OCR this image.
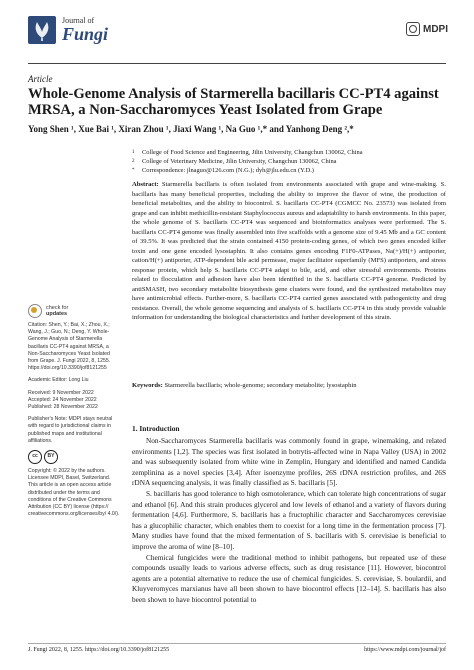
Journal of
Fungi	MDPI
Article
Whole-Genome Analysis of Starmerella bacillaris CC-PT4 against MRSA, a Non-Saccharomyces Yeast Isolated from Grape
Yong Shen ¹, Xue Bai ¹, Xiran Zhou ¹, Jiaxi Wang ¹, Na Guo ¹,* and Yanhong Deng ²,*
1	College of Food Science and Engineering, Jilin University, Changchun 130062, China
2	College of Veterinary Medicine, Jilin University, Changchun 130062, China
*	Correspondence: jlnaguo@126.com (N.G.); dyh@jlu.edu.cn (Y.D.)
Abstract: Starmerella bacillaris is often isolated from environments associated with grape and wine-making. S. bacillaris has many beneficial properties, including the ability to improve the flavor of wine, the production of beneficial metabolites, and the ability to biocontrol. S. bacillaris CC-PT4 (CGMCC No. 23573) was isolated from grape and can inhibit methicillin-resistant Staphylococcus aureus and adaptability to harsh environments. In this paper, the whole genome of S. bacillaris CC-PT4 was sequenced and bioinformatics analyses were performed. The S. bacillaris CC-PT4 genome was finally assembled into five scaffolds with a genome size of 9.45 Mb and a GC content of 39.5%. It was predicted that the strain contained 4150 protein-coding genes, of which two genes encoded killer toxin and one gene encoded lysostaphin. It also contains genes encoding F1F0-ATPases, Na(+)/H(+) antiporter, cation/H(+) antiporter, ATP-dependent bile acid permease, major facilitator superfamily (MFS) antiporters, and stress response protein, which help S. bacillaris CC-PT4 adapt to bile, acid, and other stressful environments. Proteins related to flocculation and adhesion have also been identified in the S. bacillaris CC-PT4 genome. Predicted by antiSMASH, two secondary metabolite biosynthesis gene clusters were found, and the synthesized metabolites may have antimicrobial effects. Further-more, S. bacillaris CC-PT4 carried genes associated with pathogenicity and drug resistance. Overall, the whole genome sequencing and analysis of S. bacillaris CC-PT4 in this study provide valuable information for understanding the biological characteristics and further development of this strain.
Keywords: Starmerella bacillaris; whole-genome; secondary metabolite; lysostaphin
check for
updates
Citation: Shen, Y.; Bai, X.; Zhou, X.; Wang, J.; Guo, N.; Deng, Y. Whole-Genome Analysis of Starmerella bacillaris CC-PT4 against MRSA, a Non-Saccharomyces Yeast Isolated from Grape. J. Fungi 2022, 8, 1255. https://doi.org/10.3390/jof8121255
Academic Editor: Long Liu
Received: 9 November 2022
Accepted: 24 November 2022
Published: 28 November 2022
Publisher's Note: MDPI stays neutral with regard to jurisdictional claims in published maps and institutional affiliations.
cc	BY
Copyright: © 2022 by the authors. Licensee MDPI, Basel, Switzerland. This article is an open access article distributed under the terms and conditions of the Creative Commons Attribution (CC BY) license (https:// creativecommons.org/licenses/by/ 4.0/).
1. Introduction

Non-Saccharomyces Starmerella bacillaris was commonly found in grape, winemaking, and related environments [1,2]. The species was first isolated in botrytis-affected wine in Napa Valley (USA) in 2002 and was subsequently isolated from white wine in Zemplin, Hungary and identified and named Candida zemplinina as a novel species [3,4]. After isoenzyme profiles, 26S rDNA restriction profiles, and 26S rDNA sequencing analysis, it was finally classified as S. bacillaris [5].

S. bacillaris has good tolerance to high osmotolerance, which can tolerate high concentrations of sugar and ethanol [6]. And this strain produces glycerol and low levels of ethanol and a variety of flavors during fermentation [4,6]. Furthermore, S. bacillaris has a fructophilic character and Saccharomyces cerevisiae has a glucophilic character, which enables them to coexist for a long time in the fermentation process [7]. Many studies have found that the mixed fermentation of S. bacillaris with S. cerevisiae is beneficial to improve the aroma of wine [8–10].

Chemical fungicides were the traditional method to inhibit pathogens, but repeated use of these compounds usually leads to various adverse effects, such as drug resistance [11]. However, biocontrol agents are a potential alternative to reduce the use of chemical fungicides. S. cerevisiae, S. boulardii, and Kluyveromyces marxianus have all been shown to have biocontrol effects [12–14]. S. bacillaris has also been shown to have biocontrol potential to

J. Fungi 2022, 8, 1255. https://doi.org/10.3390/jof8121255	https://www.mdpi.com/journal/jof
